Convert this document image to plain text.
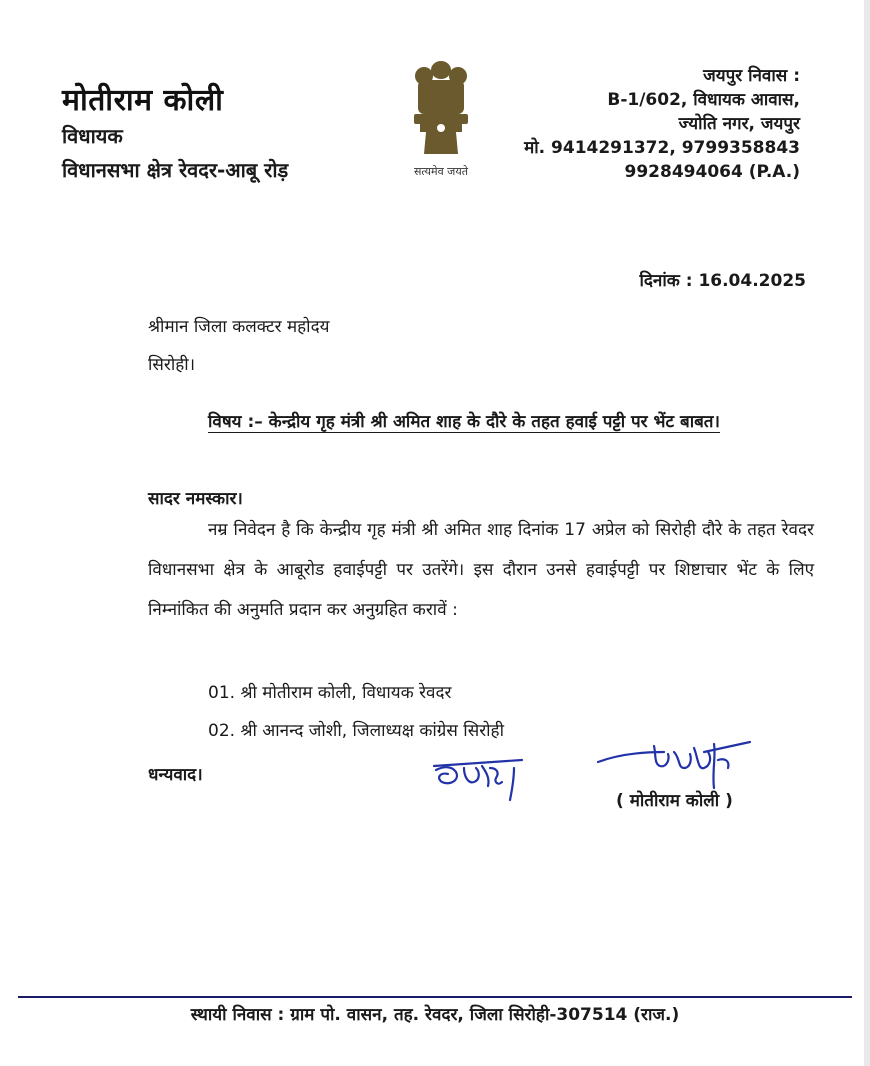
मोतीराम कोली
विधायक
विधानसभा क्षेत्र रेवदर-आबू रोड़	सत्यमेव जयते
जयपुर निवास :
B-1/602, विधायक आवास,
ज्योति नगर, जयपुर
मो. 9414291372, 9799358843
9928494064 (P.A.)
दिनांक : 16.04.2025
श्रीमान जिला कलक्टर महोदय
सिरोही।
विषय :– केन्द्रीय गृह मंत्री श्री अमित शाह के दौरे के तहत हवाई पट्टी पर भेंट बाबत।
सादर नमस्कार।
नम्र निवेदन है कि केन्द्रीय गृह मंत्री श्री अमित शाह दिनांक 17 अप्रेल को सिरोही दौरे के तहत रेवदर विधानसभा क्षेत्र के आबूरोड हवाईपट्टी पर उतरेंगे। इस दौरान उनसे हवाईपट्टी पर शिष्टाचार भेंट के लिए निम्नांकित की अनुमति प्रदान कर अनुग्रहित करावें :
01. श्री मोतीराम कोली, विधायक रेवदर
02. श्री आनन्द जोशी, जिलाध्यक्ष कांग्रेस सिरोही
धन्यवाद।
सादर।	( मोतीराम कोली )
स्थायी निवास : ग्राम पो. वासन, तह. रेवदर, जिला सिरोही-307514 (राज.)
